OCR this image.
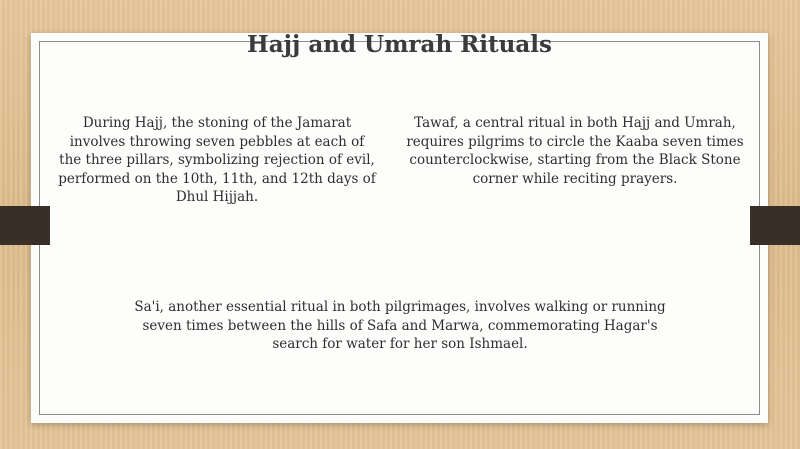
Hajj and Umrah Rituals
During Hajj, the stoning of the Jamarat involves throwing seven pebbles at each of the three pillars, symbolizing rejection of evil, performed on the 10th, 11th, and 12th days of Dhul Hijjah.
Tawaf, a central ritual in both Hajj and Umrah, requires pilgrims to circle the Kaaba seven times counterclockwise, starting from the Black Stone corner while reciting prayers.
Sa'i, another essential ritual in both pilgrimages, involves walking or running seven times between the hills of Safa and Marwa, commemorating Hagar's search for water for her son Ishmael.
